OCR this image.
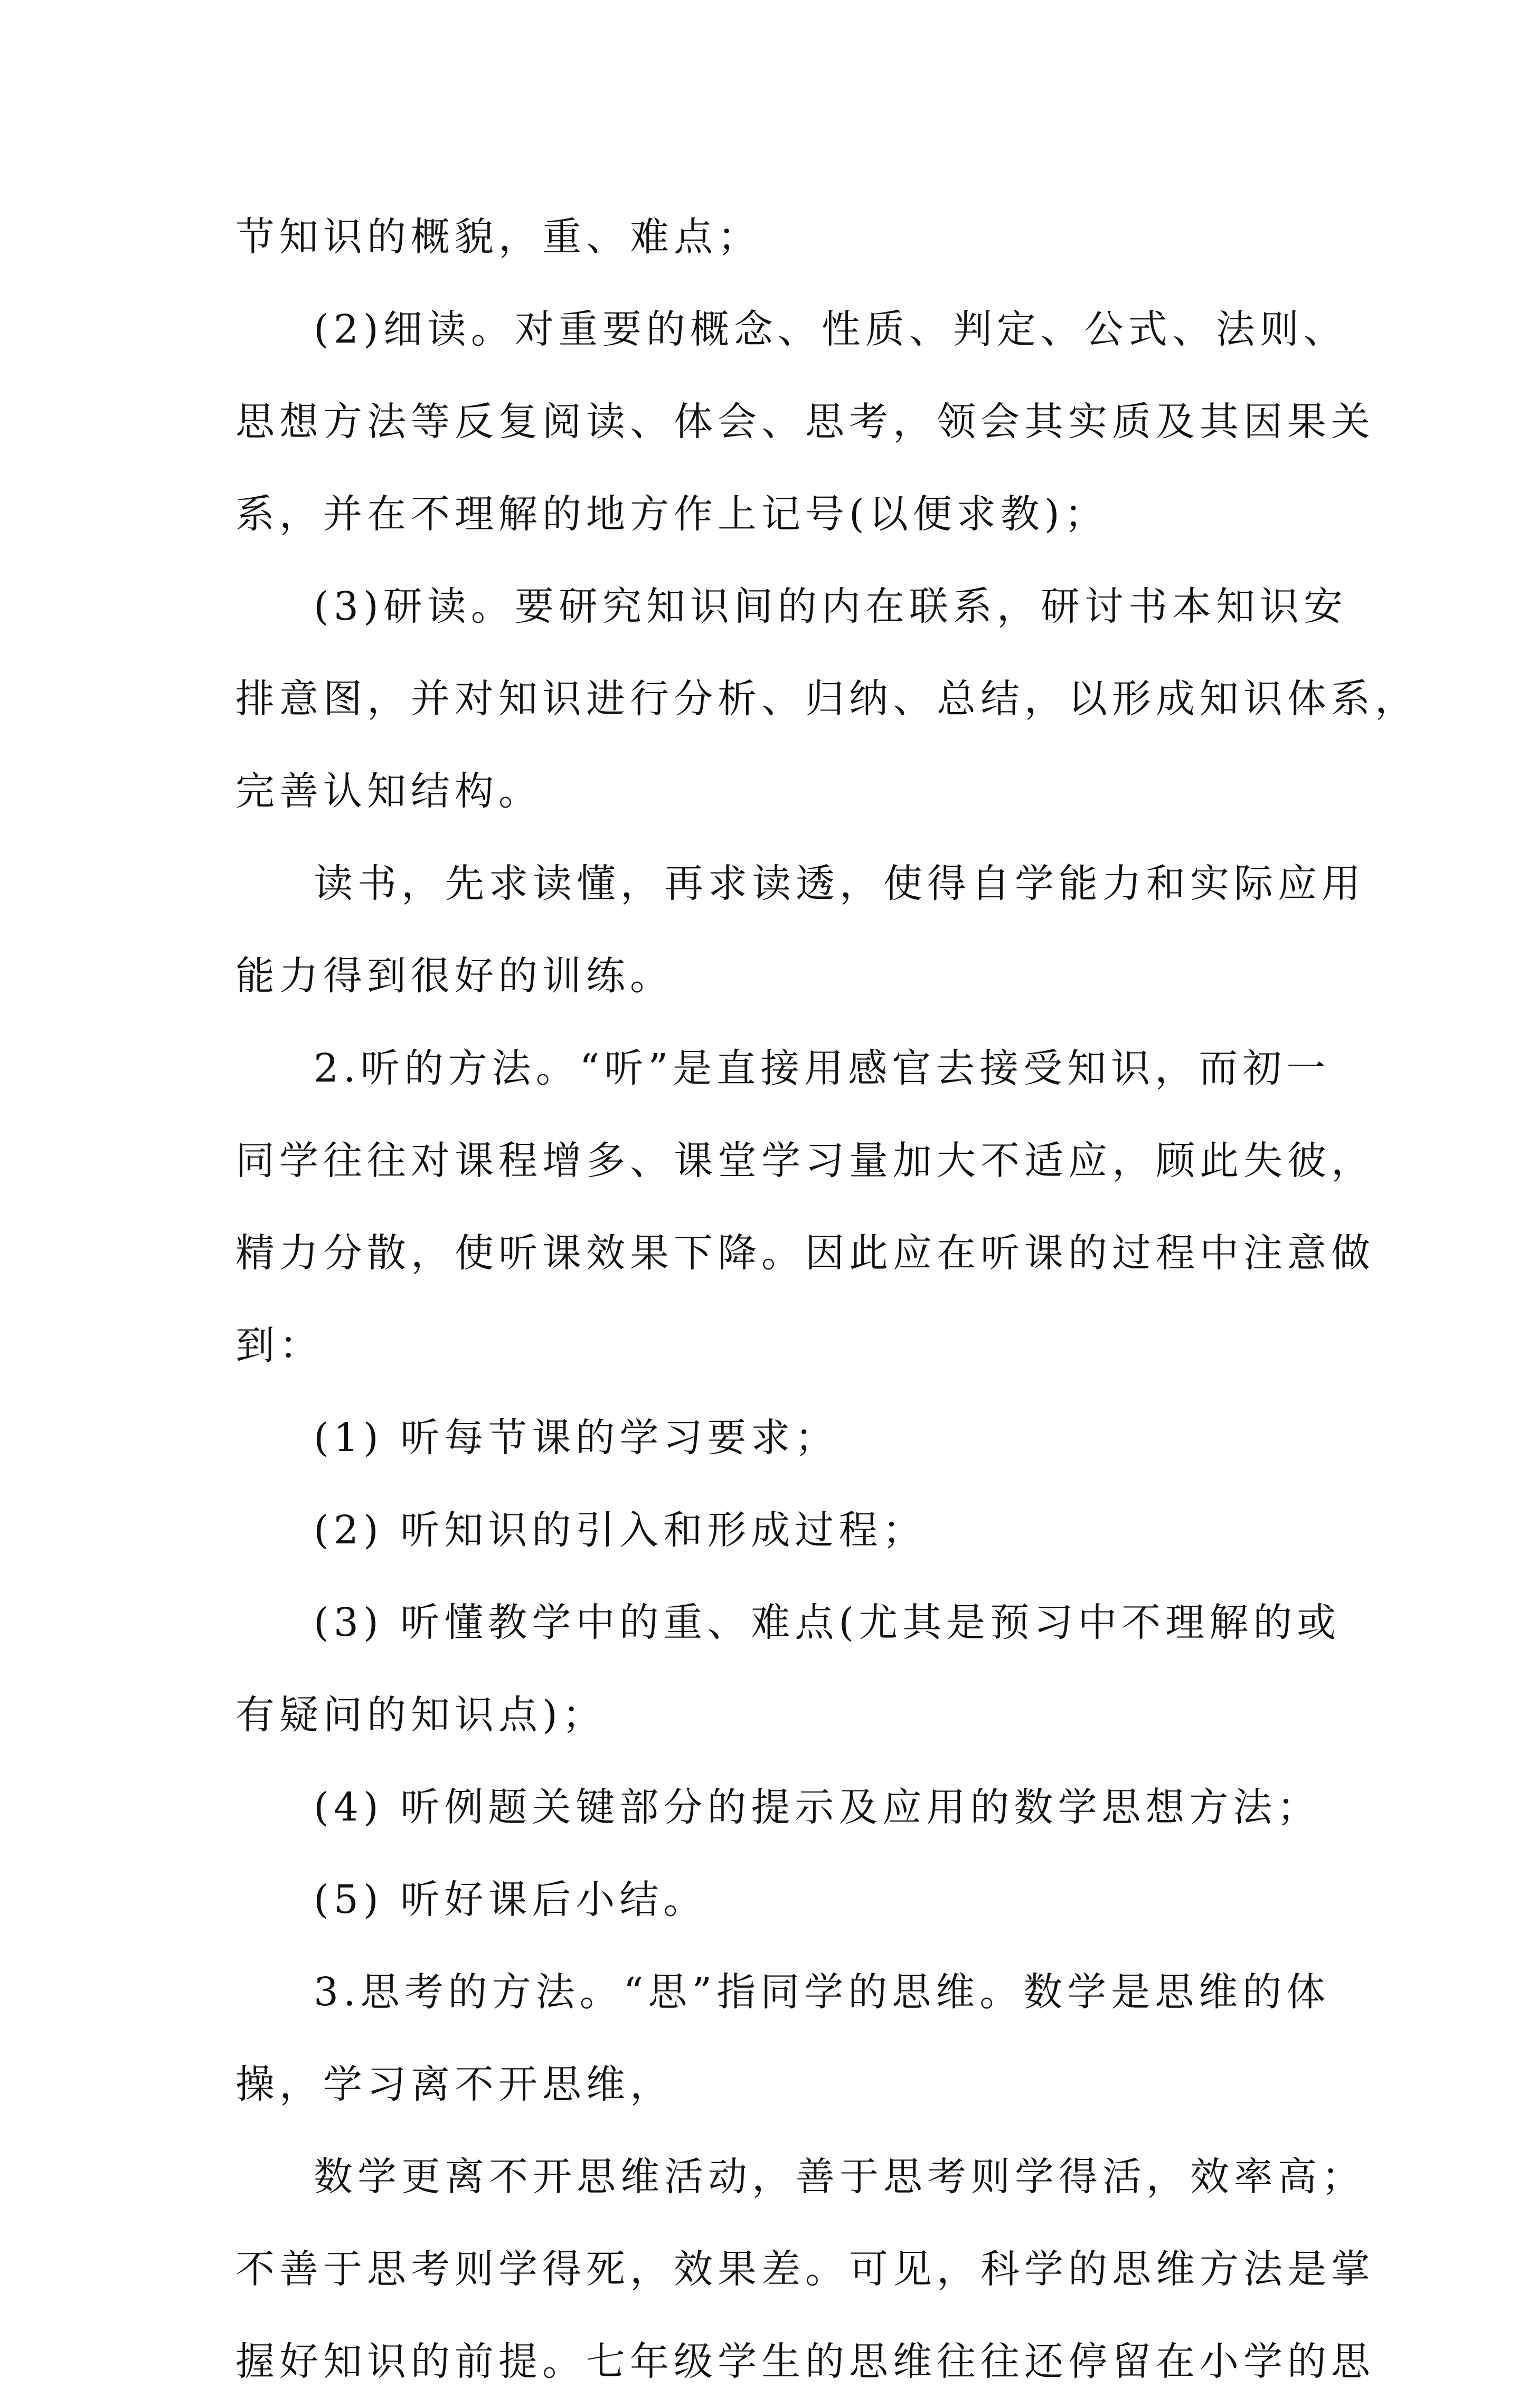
节知识的概貌，重、难点；
(2)细读。对重要的概念、性质、判定、公式、法则、
思想方法等反复阅读、体会、思考，领会其实质及其因果关
系，并在不理解的地方作上记号(以便求教)；
(3)研读。要研究知识间的内在联系，研讨书本知识安
排意图，并对知识进行分析、归纳、总结，以形成知识体系，
完善认知结构。
读书，先求读懂，再求读透，使得自学能力和实际应用
能力得到很好的训练。
2.听的方法。“听”是直接用感官去接受知识，而初一
同学往往对课程增多、课堂学习量加大不适应，顾此失彼，
精力分散，使听课效果下降。因此应在听课的过程中注意做
到：
(1) 听每节课的学习要求；
(2) 听知识的引入和形成过程；
(3) 听懂教学中的重、难点(尤其是预习中不理解的或
有疑问的知识点)；
(4) 听例题关键部分的提示及应用的数学思想方法；
(5) 听好课后小结。
3.思考的方法。“思”指同学的思维。数学是思维的体
操，学习离不开思维，
数学更离不开思维活动，善于思考则学得活，效率高；
不善于思考则学得死，效果差。可见，科学的思维方法是掌
握好知识的前提。七年级学生的思维往往还停留在小学的思
